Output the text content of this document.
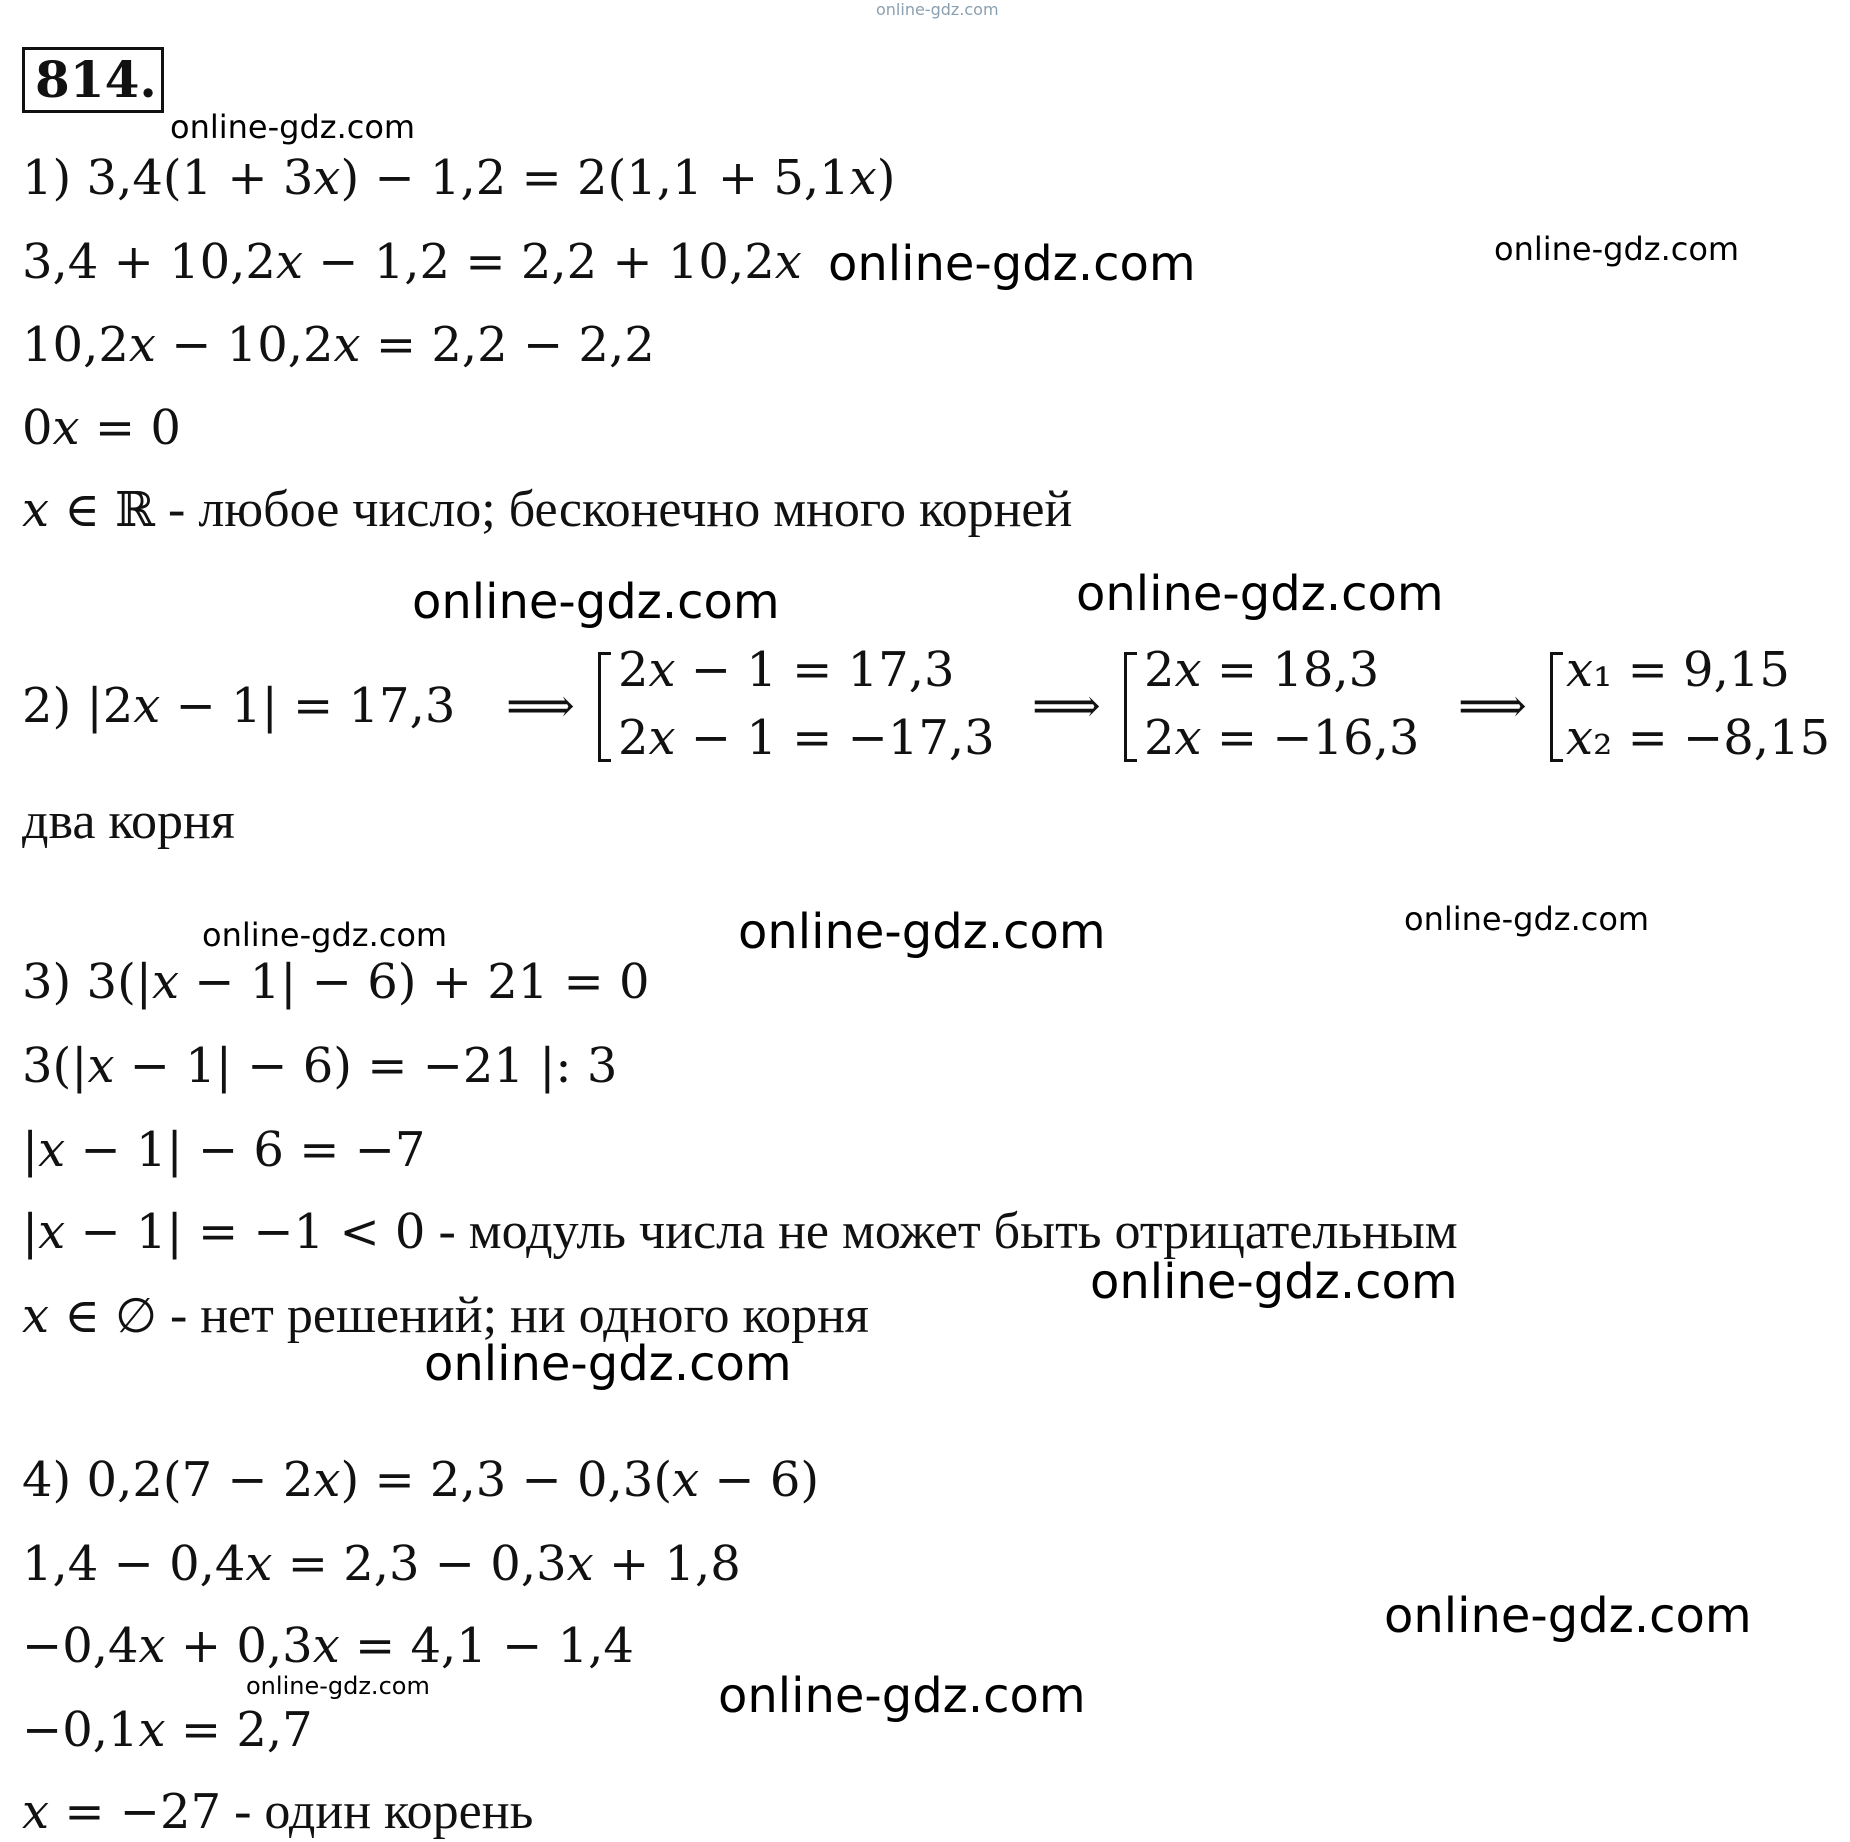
online-gdz.com
814.
1) 3,4(1 + 3𝑥) − 1,2 = 2(1,1 + 5,1𝑥)
3,4 + 10,2𝑥 − 1,2 = 2,2 + 10,2𝑥
10,2𝑥 − 10,2𝑥 = 2,2 − 2,2
0𝑥 = 0
𝑥 ∈ ℝ - любое число; бесконечно много корней
2) |2𝑥 − 1| = 17,3 ⟹
2𝑥 − 1 = 17,3
2𝑥 − 1 = −17,3
⟹
2𝑥 = 18,3
2𝑥 = −16,3
⟹
𝑥₁ = 9,15
𝑥₂ = −8,15
два корня
3) 3(|𝑥 − 1| − 6) + 21 = 0
3(|𝑥 − 1| − 6) = −21 |: 3
|𝑥 − 1| − 6 = −7
|𝑥 − 1| = −1 < 0 - модуль числа не может быть отрицательным
𝑥 ∈ ∅ - нет решений; ни одного корня
4) 0,2(7 − 2𝑥) = 2,3 − 0,3(𝑥 − 6)
1,4 − 0,4𝑥 = 2,3 − 0,3𝑥 + 1,8
−0,4𝑥 + 0,3𝑥 = 4,1 − 1,4
−0,1𝑥 = 2,7
𝑥 = −27 - один корень
online-gdz.com
online-gdz.com	online-gdz.com
online-gdz.com	online-gdz.com
online-gdz.com	online-gdz.com	online-gdz.com
online-gdz.com
online-gdz.com
online-gdz.com
online-gdz.com	online-gdz.com
